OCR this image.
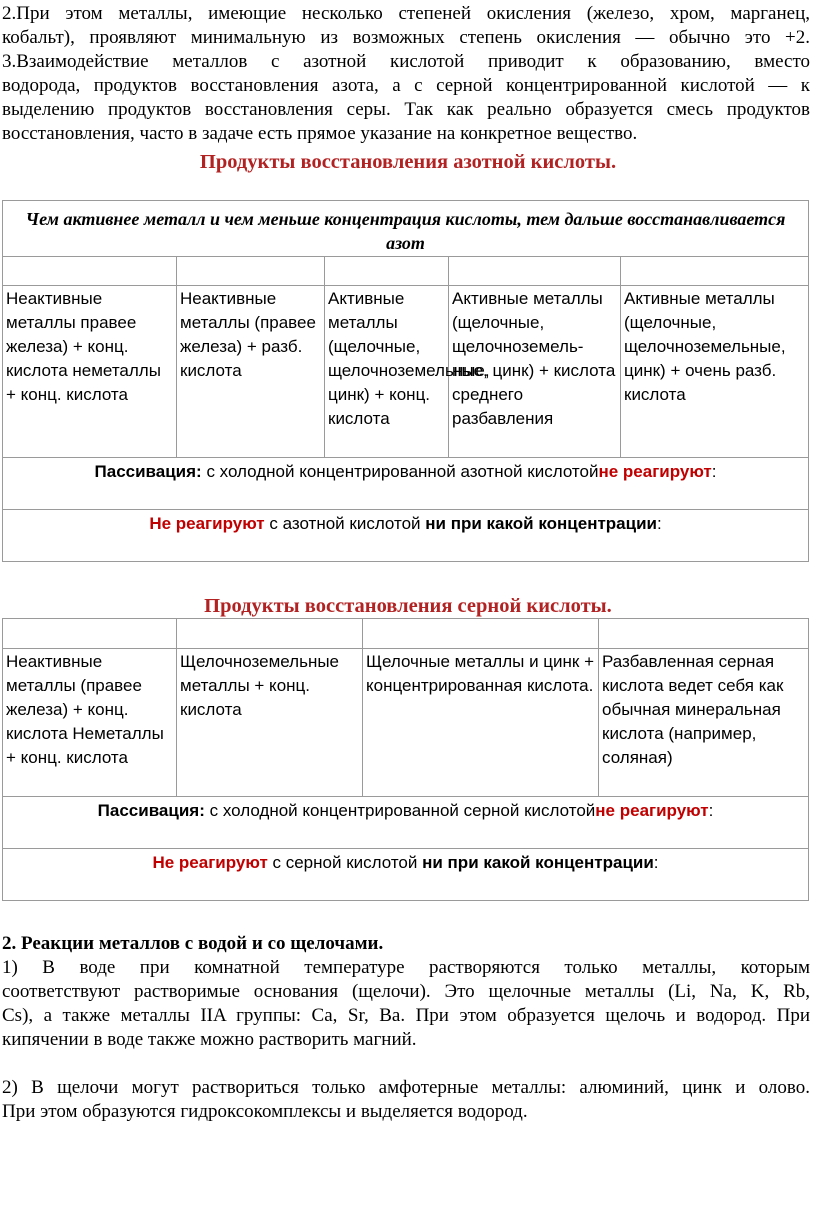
2.При этом металлы, имеющие несколько степеней окисления (железо, хром, марганец,
кобальт), проявляют минимальную из возможных степень окисления — обычно это +2.
3.Взаимодействие металлов с азотной кислотой приводит к образованию, вместо
водорода, продуктов восстановления азота, а с серной концентрированной кислотой — к
выделению продуктов восстановления серы. Так как реально образуется смесь продуктов
восстановления, часто в задаче есть прямое указание на конкретное вещество.
Продукты восстановления азотной кислоты.
Чем активнее металл и чем меньше концентрация кислоты, тем дальше восстанавливается азот				

Неактивные металлы правее железа) + конц. кислота неметаллы + конц. кислота	Неактивные металлы (правее железа) + разб. кислота	Активные металлы (щелочные, щелочноземельные, цинк) + конц. кислота	Активные металлы (щелочные, щелочноземель-ные, цинк) + кислота среднего разбавления	Активные металлы (щелочные, щелочноземельные, цинк) + очень разб. кислота
Пассивация: с холодной концентрированной азотной кислотойне реагируют:				
Не реагируют с азотной кислотой ни при какой концентрации:				
Продукты восстановления серной кислоты.

Неактивные металлы (правее железа) + конц. кислота Неметаллы + конц. кислота	Щелочноземельные металлы + конц. кислота	Щелочные металлы и цинк + концентрированная кислота.	Разбавленная серная кислота ведет себя как обычная минеральная кислота (например, соляная)
Пассивация: с холодной концентрированной серной кислотойне реагируют:			
Не реагируют с серной кислотой ни при какой концентрации:			
2. Реакции металлов с водой и со щелочами.
1) В воде при комнатной температуре растворяются только металлы, которым
соответствуют растворимые основания (щелочи). Это щелочные металлы (Li, Na, K, Rb,
Cs), а также металлы IIA группы: Ca, Sr, Ba. При этом образуется щелочь и водород. При
кипячении в воде также можно растворить магний.
2) В щелочи могут раствориться только амфотерные металлы: алюминий, цинк и олово.
При этом образуются гидроксокомплексы и выделяется водород.
